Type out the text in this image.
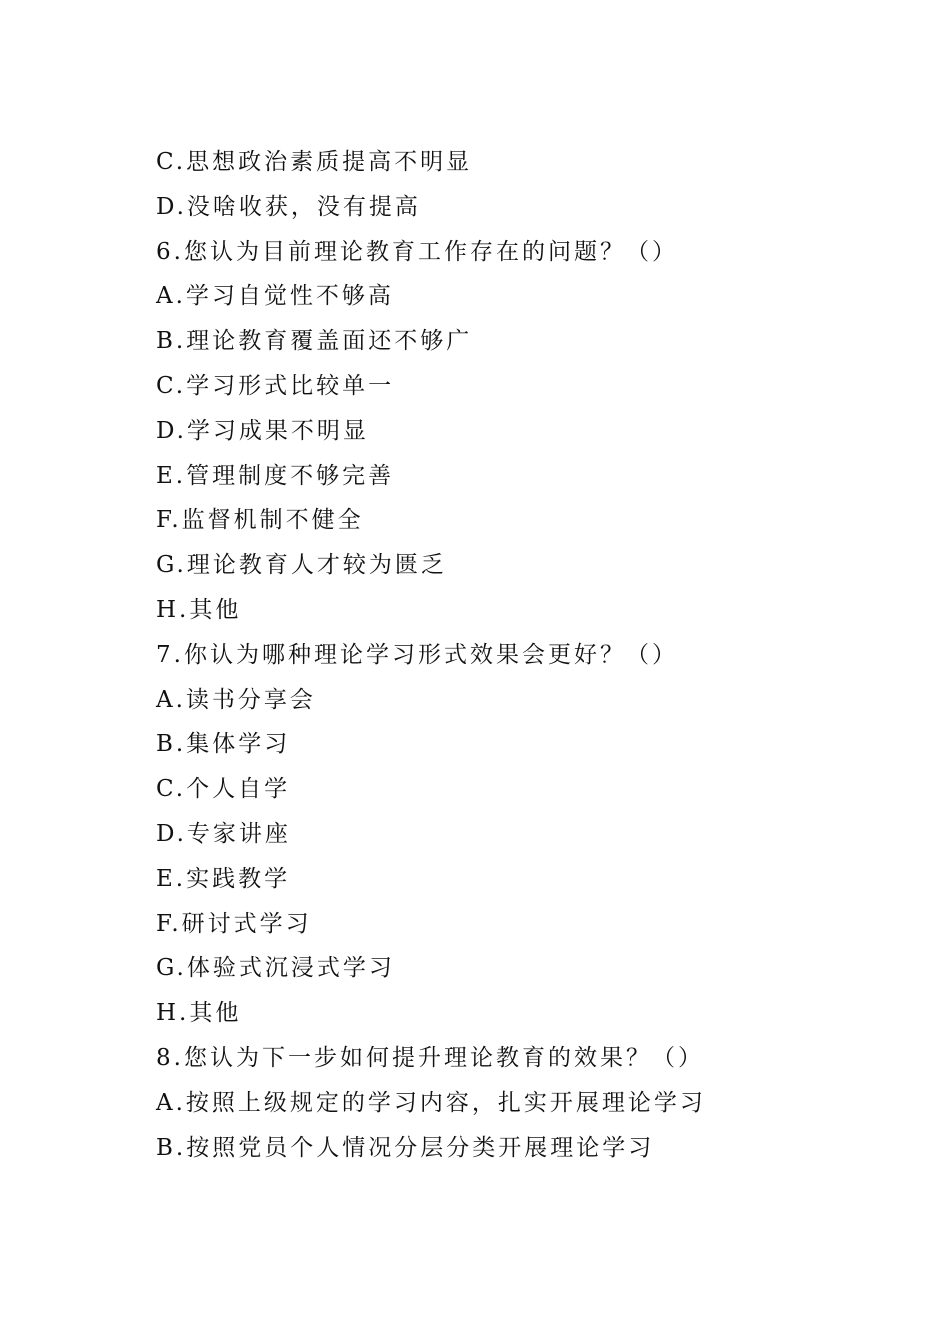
C.思想政治素质提高不明显
D.没啥收获，没有提高
6.您认为目前理论教育工作存在的问题？（）
A.学习自觉性不够高
B.理论教育覆盖面还不够广
C.学习形式比较单一
D.学习成果不明显
E.管理制度不够完善
F.监督机制不健全
G.理论教育人才较为匮乏
H.其他
7.你认为哪种理论学习形式效果会更好？（）
A.读书分享会
B.集体学习
C.个人自学
D.专家讲座
E.实践教学
F.研讨式学习
G.体验式沉浸式学习
H.其他
8.您认为下一步如何提升理论教育的效果？（）
A.按照上级规定的学习内容，扎实开展理论学习
B.按照党员个人情况分层分类开展理论学习
